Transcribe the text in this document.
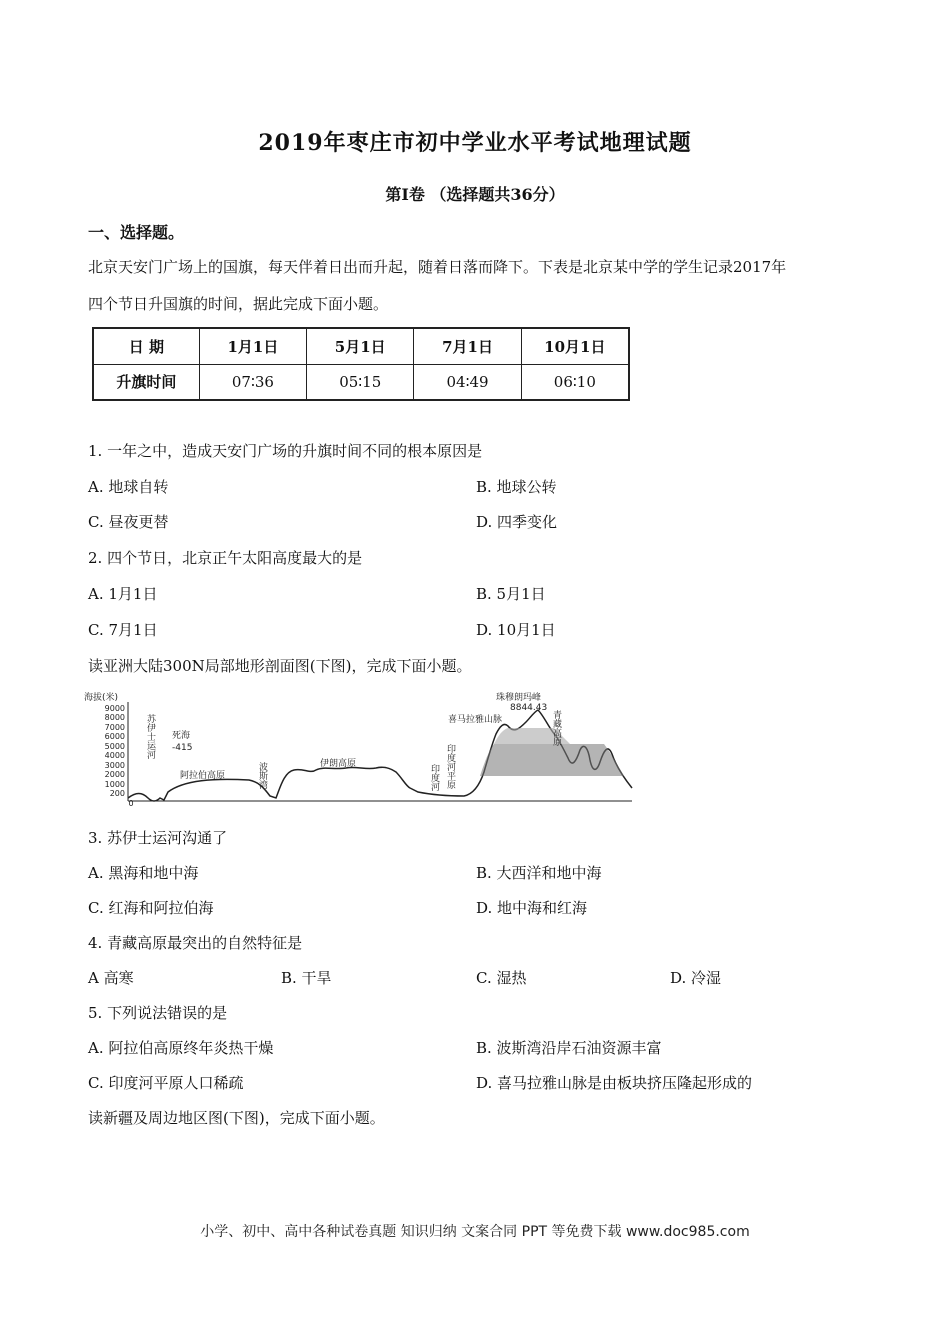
2019年枣庄市初中学业水平考试地理试题
第Ⅰ卷 （选择题共36分）
一、选择题。
北京天安门广场上的国旗，每天伴着日出而升起，随着日落而降下。下表是北京某中学的学生记录2017年
四个节日升国旗的时间，据此完成下面小题。
日 期	1月1日	5月1日	7月1日	10月1日
升旗时间	07∶36	05∶15	04∶49	06∶10
1. 一年之中，造成天安门广场的升旗时间不同的根本原因是
A. 地球自转	B. 地球公转
C. 昼夜更替	D. 四季变化
2. 四个节日，北京正午太阳高度最大的是
A. 1月1日	B. 5月1日
C. 7月1日	D. 10月1日
读亚洲大陆300N局部地形剖面图(下图)，完成下面小题。
海拔(米)
9000
8000
7000
6000
5000
4000
3000
2000
1000
200
0
苏伊士运河 死海
-415
阿拉伯高原	波斯湾	伊朗高原	印度河 印度河平原
喜马拉雅山脉
珠穆朗玛峰
8844.43
青藏高原
3. 苏伊士运河沟通了
A. 黑海和地中海	B. 大西洋和地中海
C. 红海和阿拉伯海	D. 地中海和红海
4. 青藏高原最突出的自然特征是
A 高寒	B. 干旱	C. 湿热	D. 冷湿
5. 下列说法错误的是
A. 阿拉伯高原终年炎热干燥	B. 波斯湾沿岸石油资源丰富
C. 印度河平原人口稀疏	D. 喜马拉雅山脉是由板块挤压隆起形成的
读新疆及周边地区图(下图)，完成下面小题。
小学、初中、高中各种试卷真题 知识归纳 文案合同 PPT 等免费下载 www.doc985.com
